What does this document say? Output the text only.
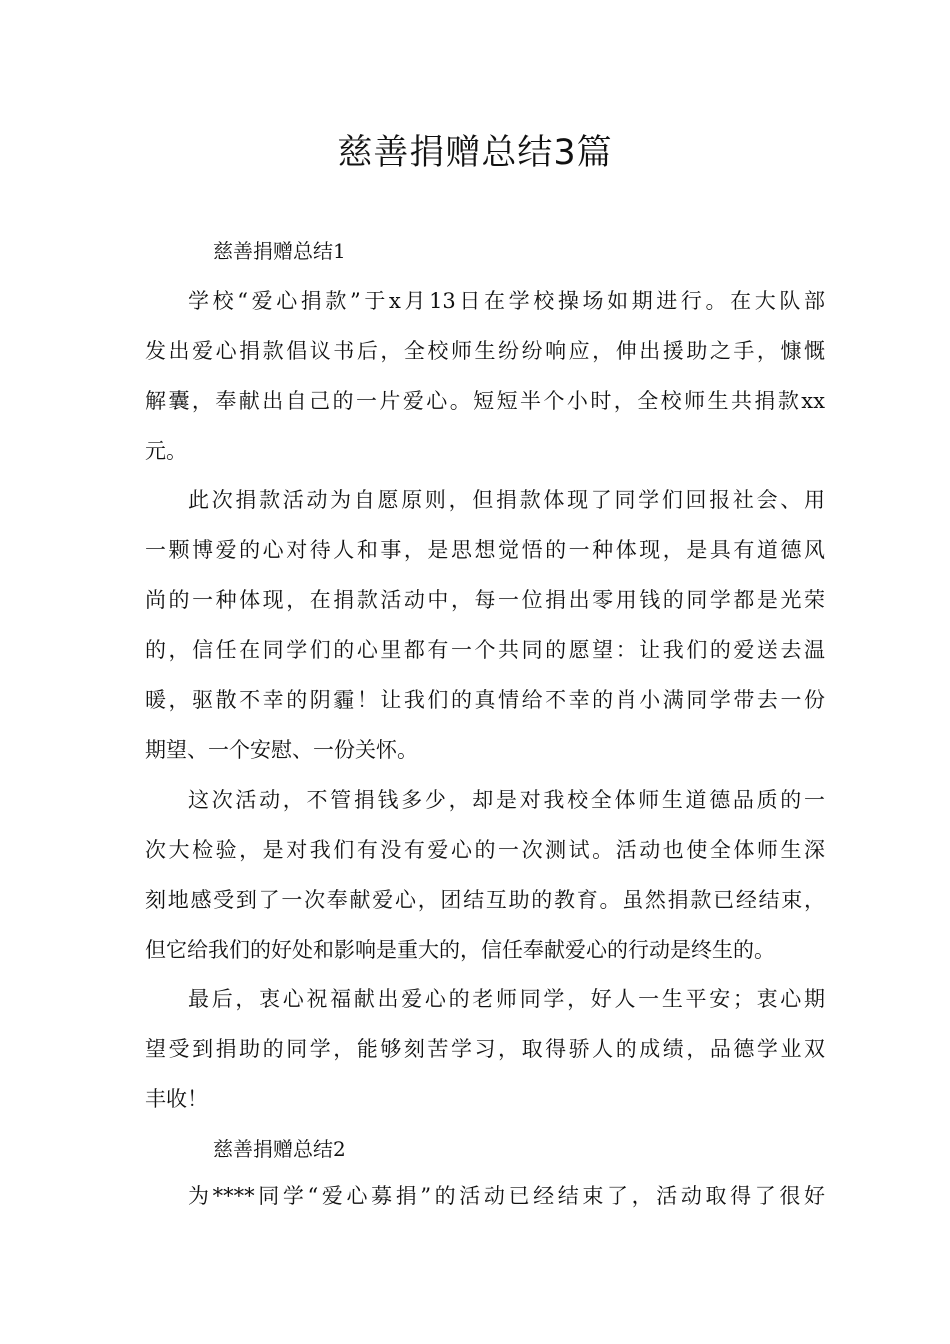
慈善捐赠总结3篇
慈善捐赠总结1

学校“爱心捐款”于x月13日在学校操场如期进行。在大队部
发出爱心捐款倡议书后，全校师生纷纷响应，伸出援助之手，慷慨
解囊，奉献出自己的一片爱心。短短半个小时，全校师生共捐款xx
元。

此次捐款活动为自愿原则，但捐款体现了同学们回报社会、用
一颗博爱的心对待人和事，是思想觉悟的一种体现，是具有道德风
尚的一种体现，在捐款活动中，每一位捐出零用钱的同学都是光荣
的，信任在同学们的心里都有一个共同的愿望：让我们的爱送去温
暖，驱散不幸的阴霾！让我们的真情给不幸的肖小满同学带去一份
期望、一个安慰、一份关怀。

这次活动，不管捐钱多少，却是对我校全体师生道德品质的一
次大检验，是对我们有没有爱心的一次测试。活动也使全体师生深
刻地感受到了一次奉献爱心，团结互助的教育。虽然捐款已经结束，
但它给我们的好处和影响是重大的，信任奉献爱心的行动是终生的。

最后，衷心祝福献出爱心的老师同学，好人一生平安；衷心期
望受到捐助的同学，能够刻苦学习，取得骄人的成绩，品德学业双
丰收！

慈善捐赠总结2

为****同学“爱心募捐”的活动已经结束了，活动取得了很好
